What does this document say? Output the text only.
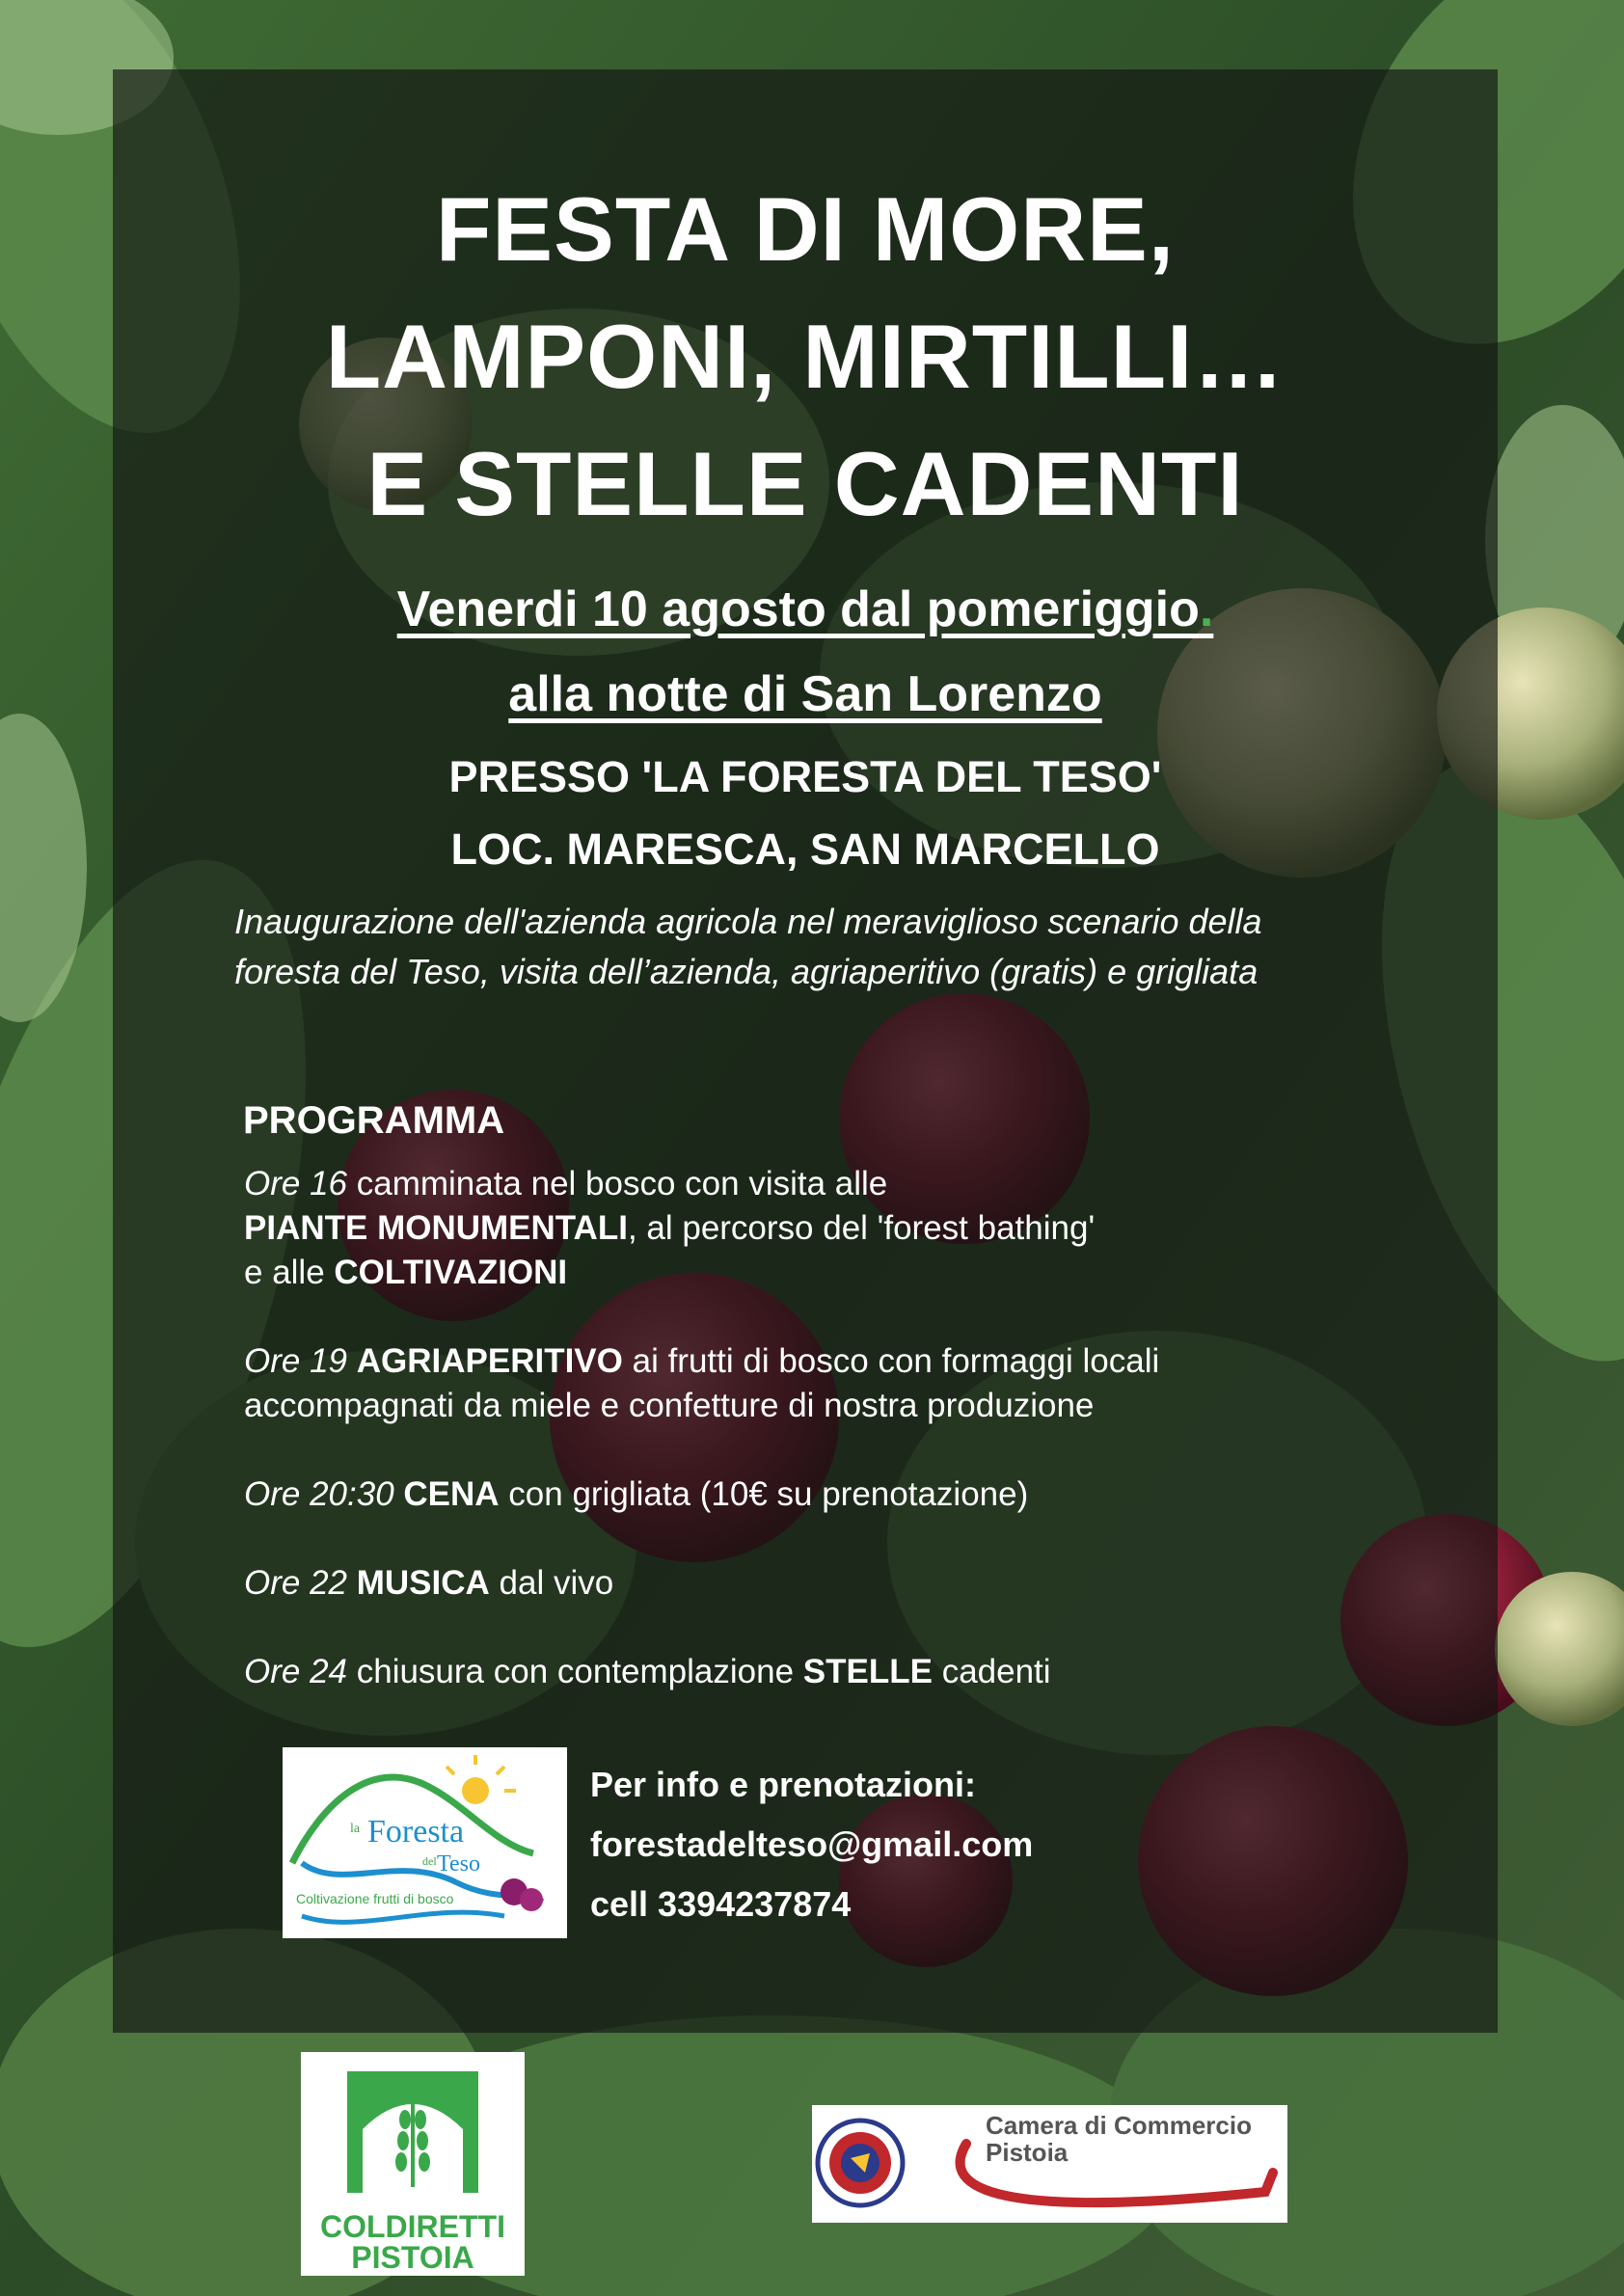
FESTA DI MORE,
LAMPONI, MIRTILLI…
E STELLE CADENTI
Venerdi 10 agosto dal pomeriggio.
alla notte di San Lorenzo
PRESSO 'LA FORESTA DEL TESO'
LOC. MARESCA, SAN MARCELLO
Inaugurazione dell'azienda agricola nel meraviglioso scenario della foresta del Teso, visita dell’azienda, agriaperitivo (gratis) e grigliata
PROGRAMMA
Ore 16 camminata nel bosco con visita alle
PIANTE MONUMENTALI, al percorso del 'forest bathing'
e alle COLTIVAZIONI
Ore 19 AGRIAPERITIVO ai frutti di bosco con formaggi locali
accompagnati da miele e confetture di nostra produzione
Ore 20:30 CENA con grigliata (10€ su prenotazione)
Ore 22 MUSICA dal vivo
Ore 24 chiusura con contemplazione STELLE cadenti
la Foresta
del Teso
Coltivazione frutti di bosco
Per info e prenotazioni:
forestadelteso@gmail.com
cell 3394237874
COLDIRETTI
PISTOIA
Camera di Commercio
Pistoia
